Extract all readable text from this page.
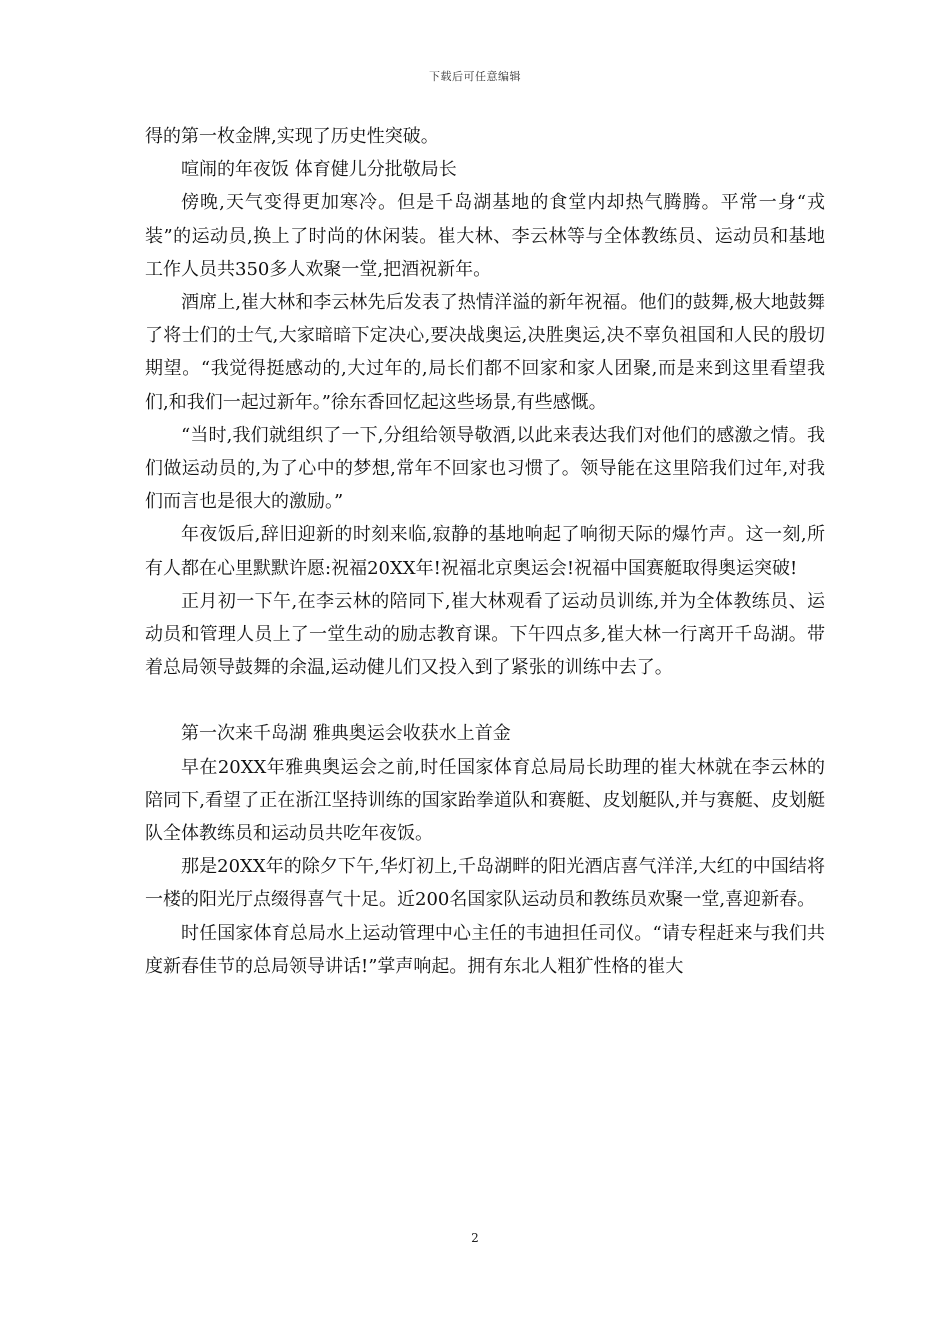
下载后可任意编辑

得的第一枚金牌,实现了历史性突破。

喧闹的年夜饭 体育健儿分批敬局长

傍晚,天气变得更加寒冷。但是千岛湖基地的食堂内却热气腾腾。平常一身“戎装”的运动员,换上了时尚的休闲装。崔大林、李云林等与全体教练员、运动员和基地工作人员共350多人欢聚一堂,把酒祝新年。

酒席上,崔大林和李云林先后发表了热情洋溢的新年祝福。他们的鼓舞,极大地鼓舞了将士们的士气,大家暗暗下定决心,要决战奥运,决胜奥运,决不辜负祖国和人民的殷切期望。“我觉得挺感动的,大过年的,局长们都不回家和家人团聚,而是来到这里看望我们,和我们一起过新年。”徐东香回忆起这些场景,有些感慨。

“当时,我们就组织了一下,分组给领导敬酒,以此来表达我们对他们的感激之情。我们做运动员的,为了心中的梦想,常年不回家也习惯了。领导能在这里陪我们过年,对我们而言也是很大的激励。”

年夜饭后,辞旧迎新的时刻来临,寂静的基地响起了响彻天际的爆竹声。这一刻,所有人都在心里默默许愿:祝福20XX年!祝福北京奥运会!祝福中国赛艇取得奥运突破!

正月初一下午,在李云林的陪同下,崔大林观看了运动员训练,并为全体教练员、运动员和管理人员上了一堂生动的励志教育课。下午四点多,崔大林一行离开千岛湖。带着总局领导鼓舞的余温,运动健儿们又投入到了紧张的训练中去了。

第一次来千岛湖 雅典奥运会收获水上首金

早在20XX年雅典奥运会之前,时任国家体育总局局长助理的崔大林就在李云林的陪同下,看望了正在浙江坚持训练的国家跆拳道队和赛艇、皮划艇队,并与赛艇、皮划艇队全体教练员和运动员共吃年夜饭。

那是20XX年的除夕下午,华灯初上,千岛湖畔的阳光酒店喜气洋洋,大红的中国结将一楼的阳光厅点缀得喜气十足。近200名国家队运动员和教练员欢聚一堂,喜迎新春。

时任国家体育总局水上运动管理中心主任的韦迪担任司仪。“请专程赶来与我们共度新春佳节的总局领导讲话!”掌声响起。拥有东北人粗犷性格的崔大

2
